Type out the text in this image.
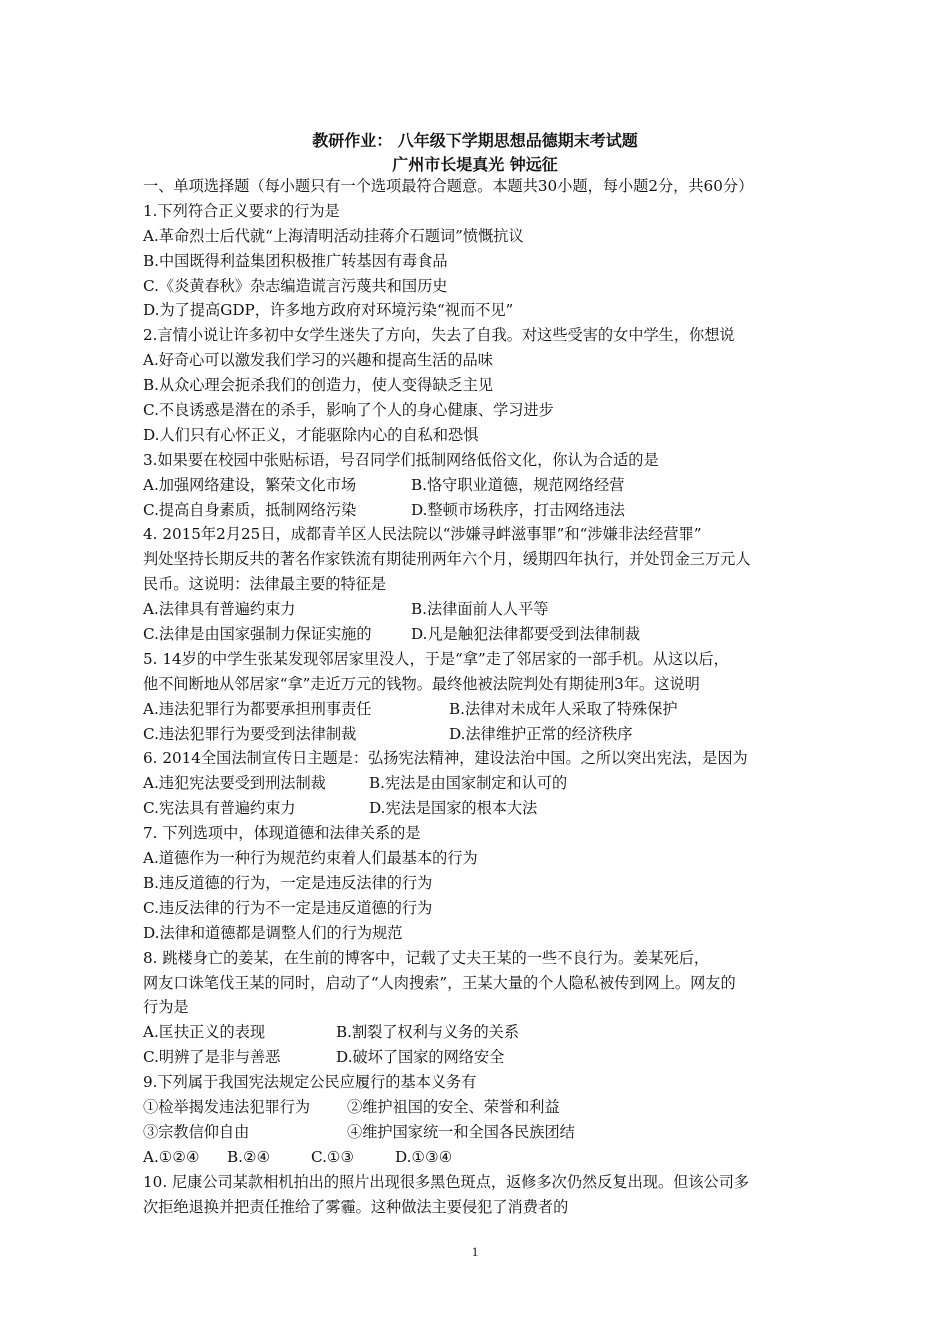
教研作业： 八年级下学期思想品德期末考试题
广州市长堤真光 钟远征
一、单项选择题（每小题只有一个选项最符合题意。本题共30小题，每小题2分，共60分）
1.下列符合正义要求的行为是
A.革命烈士后代就“上海清明活动挂蒋介石题词”愤慨抗议
B.中国既得利益集团积极推广转基因有毒食品
C.《炎黄春秋》杂志编造谎言污蔑共和国历史
D.为了提高GDP，许多地方政府对环境污染“视而不见”
2.言情小说让许多初中女学生迷失了方向，失去了自我。对这些受害的女中学生，你想说
A.好奇心可以激发我们学习的兴趣和提高生活的品味
B.从众心理会扼杀我们的创造力，使人变得缺乏主见
C.不良诱惑是潜在的杀手，影响了个人的身心健康、学习进步
D.人们只有心怀正义，才能驱除内心的自私和恐惧
3.如果要在校园中张贴标语，号召同学们抵制网络低俗文化，你认为合适的是
A.加强网络建设，繁荣文化市场	B.恪守职业道德，规范网络经营
C.提高自身素质，抵制网络污染	D.整顿市场秩序，打击网络违法
4. 2015年2月25日，成都青羊区人民法院以“涉嫌寻衅滋事罪”和“涉嫌非法经营罪”
判处坚持长期反共的著名作家铁流有期徒刑两年六个月，缓期四年执行，并处罚金三万元人
民币。这说明：法律最主要的特征是
A.法律具有普遍约束力	B.法律面前人人平等
C.法律是由国家强制力保证实施的	D.凡是触犯法律都要受到法律制裁
5. 14岁的中学生张某发现邻居家里没人，于是“拿”走了邻居家的一部手机。从这以后，
他不间断地从邻居家“拿”走近万元的钱物。最终他被法院判处有期徒刑3年。这说明
A.违法犯罪行为都要承担刑事责任	B.法律对未成年人采取了特殊保护
C.违法犯罪行为要受到法律制裁	D.法律维护正常的经济秩序
6. 2014全国法制宣传日主题是：弘扬宪法精神，建设法治中国。之所以突出宪法，是因为
A.违犯宪法要受到刑法制裁	B.宪法是由国家制定和认可的
C.宪法具有普遍约束力	D.宪法是国家的根本大法
7. 下列选项中，体现道德和法律关系的是
A.道德作为一种行为规范约束着人们最基本的行为
B.违反道德的行为，一定是违反法律的行为
C.违反法律的行为不一定是违反道德的行为
D.法律和道德都是调整人们的行为规范
8. 跳楼身亡的姜某，在生前的博客中，记载了丈夫王某的一些不良行为。姜某死后，
网友口诛笔伐王某的同时，启动了“人肉搜索”，王某大量的个人隐私被传到网上。网友的
行为是
A.匡扶正义的表现	B.割裂了权利与义务的关系
C.明辨了是非与善恶	D.破坏了国家的网络安全
9.下列属于我国宪法规定公民应履行的基本义务有
①检举揭发违法犯罪行为	②维护祖国的安全、荣誉和利益
③宗教信仰自由	④维护国家统一和全国各民族团结
A.①②④	B.②④	C.①③	D.①③④
10. 尼康公司某款相机拍出的照片出现很多黑色斑点，返修多次仍然反复出现。但该公司多
次拒绝退换并把责任推给了雾霾。这种做法主要侵犯了消费者的
1
